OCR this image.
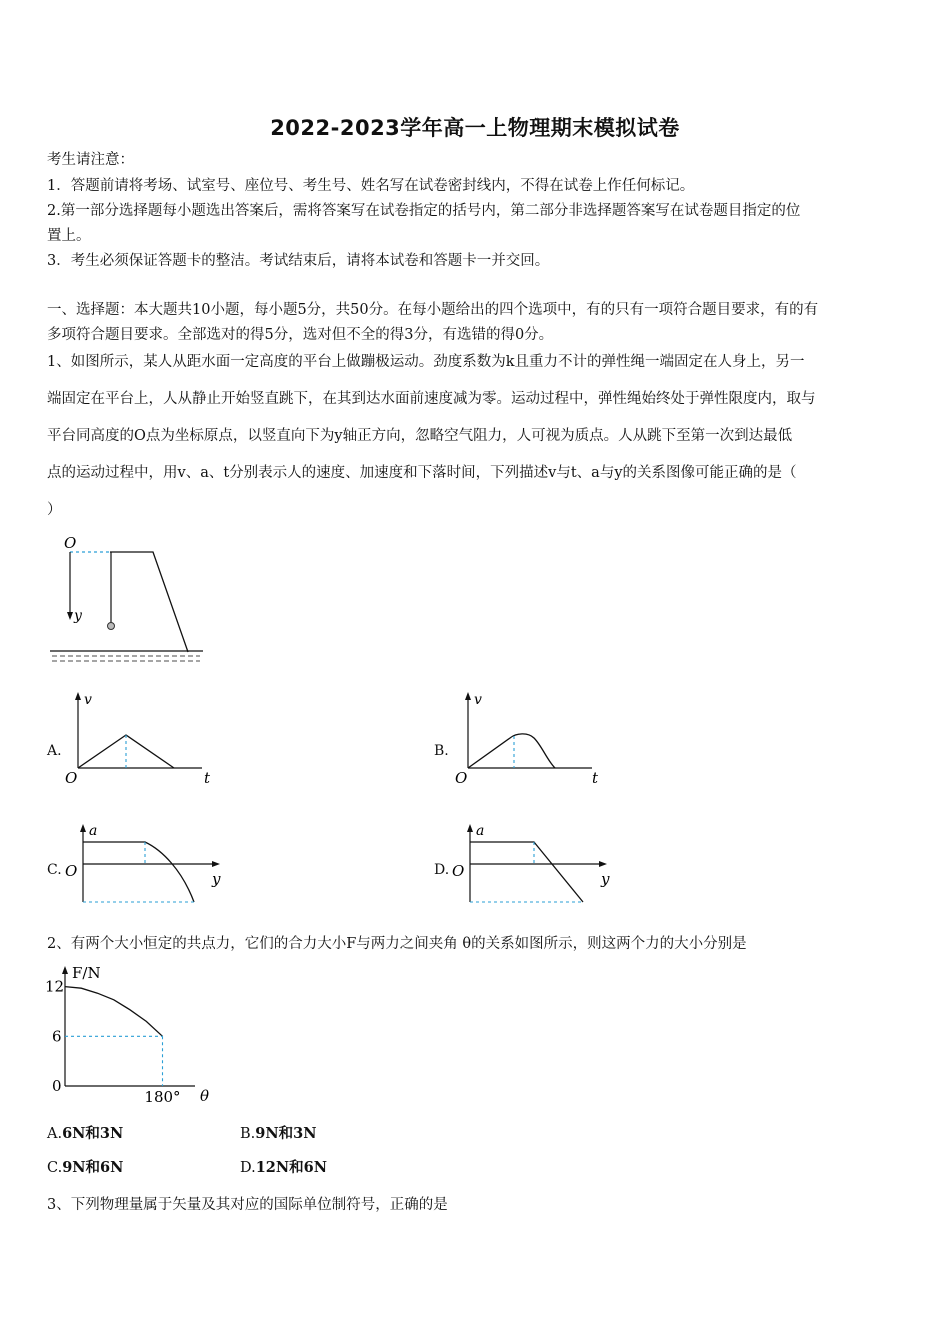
2022-2023学年高一上物理期末模拟试卷
考生请注意：
1．答题前请将考场、试室号、座位号、考生号、姓名写在试卷密封线内，不得在试卷上作任何标记。
2.第一部分选择题每小题选出答案后，需将答案写在试卷指定的括号内，第二部分非选择题答案写在试卷题目指定的位
置上。
3．考生必须保证答题卡的整洁。考试结束后，请将本试卷和答题卡一并交回。
一、选择题：本大题共10小题，每小题5分，共50分。在每小题给出的四个选项中，有的只有一项符合题目要求，有的有
多项符合题目要求。全部选对的得5分，选对但不全的得3分，有选错的得0分。
1、如图所示，某人从距水面一定高度的平台上做蹦极运动。劲度系数为k且重力不计的弹性绳一端固定在人身上，另一
端固定在平台上，人从静止开始竖直跳下，在其到达水面前速度减为零。运动过程中，弹性绳始终处于弹性限度内，取与
平台同高度的O点为坐标原点，以竖直向下为y轴正方向，忽略空气阻力，人可视为质点。人从跳下至第一次到达最低
点的运动过程中，用v、a、t分别表示人的速度、加速度和下落时间，下列描述v与t、a与y的关系图像可能正确的是（
）
O
y
A.
v
O	t
B.
v
O	t
C.
a
O	y	D.
a
O	y
2、有两个大小恒定的共点力，它们的合力大小F与两力之间夹角 θ的关系如图所示，则这两个力的大小分别是
F/N
θ
12
6
0
180°
A.6N和3N	B.9N和3N
C.9N和6N	D.12N和6N
3、下列物理量属于矢量及其对应的国际单位制符号，正确的是
